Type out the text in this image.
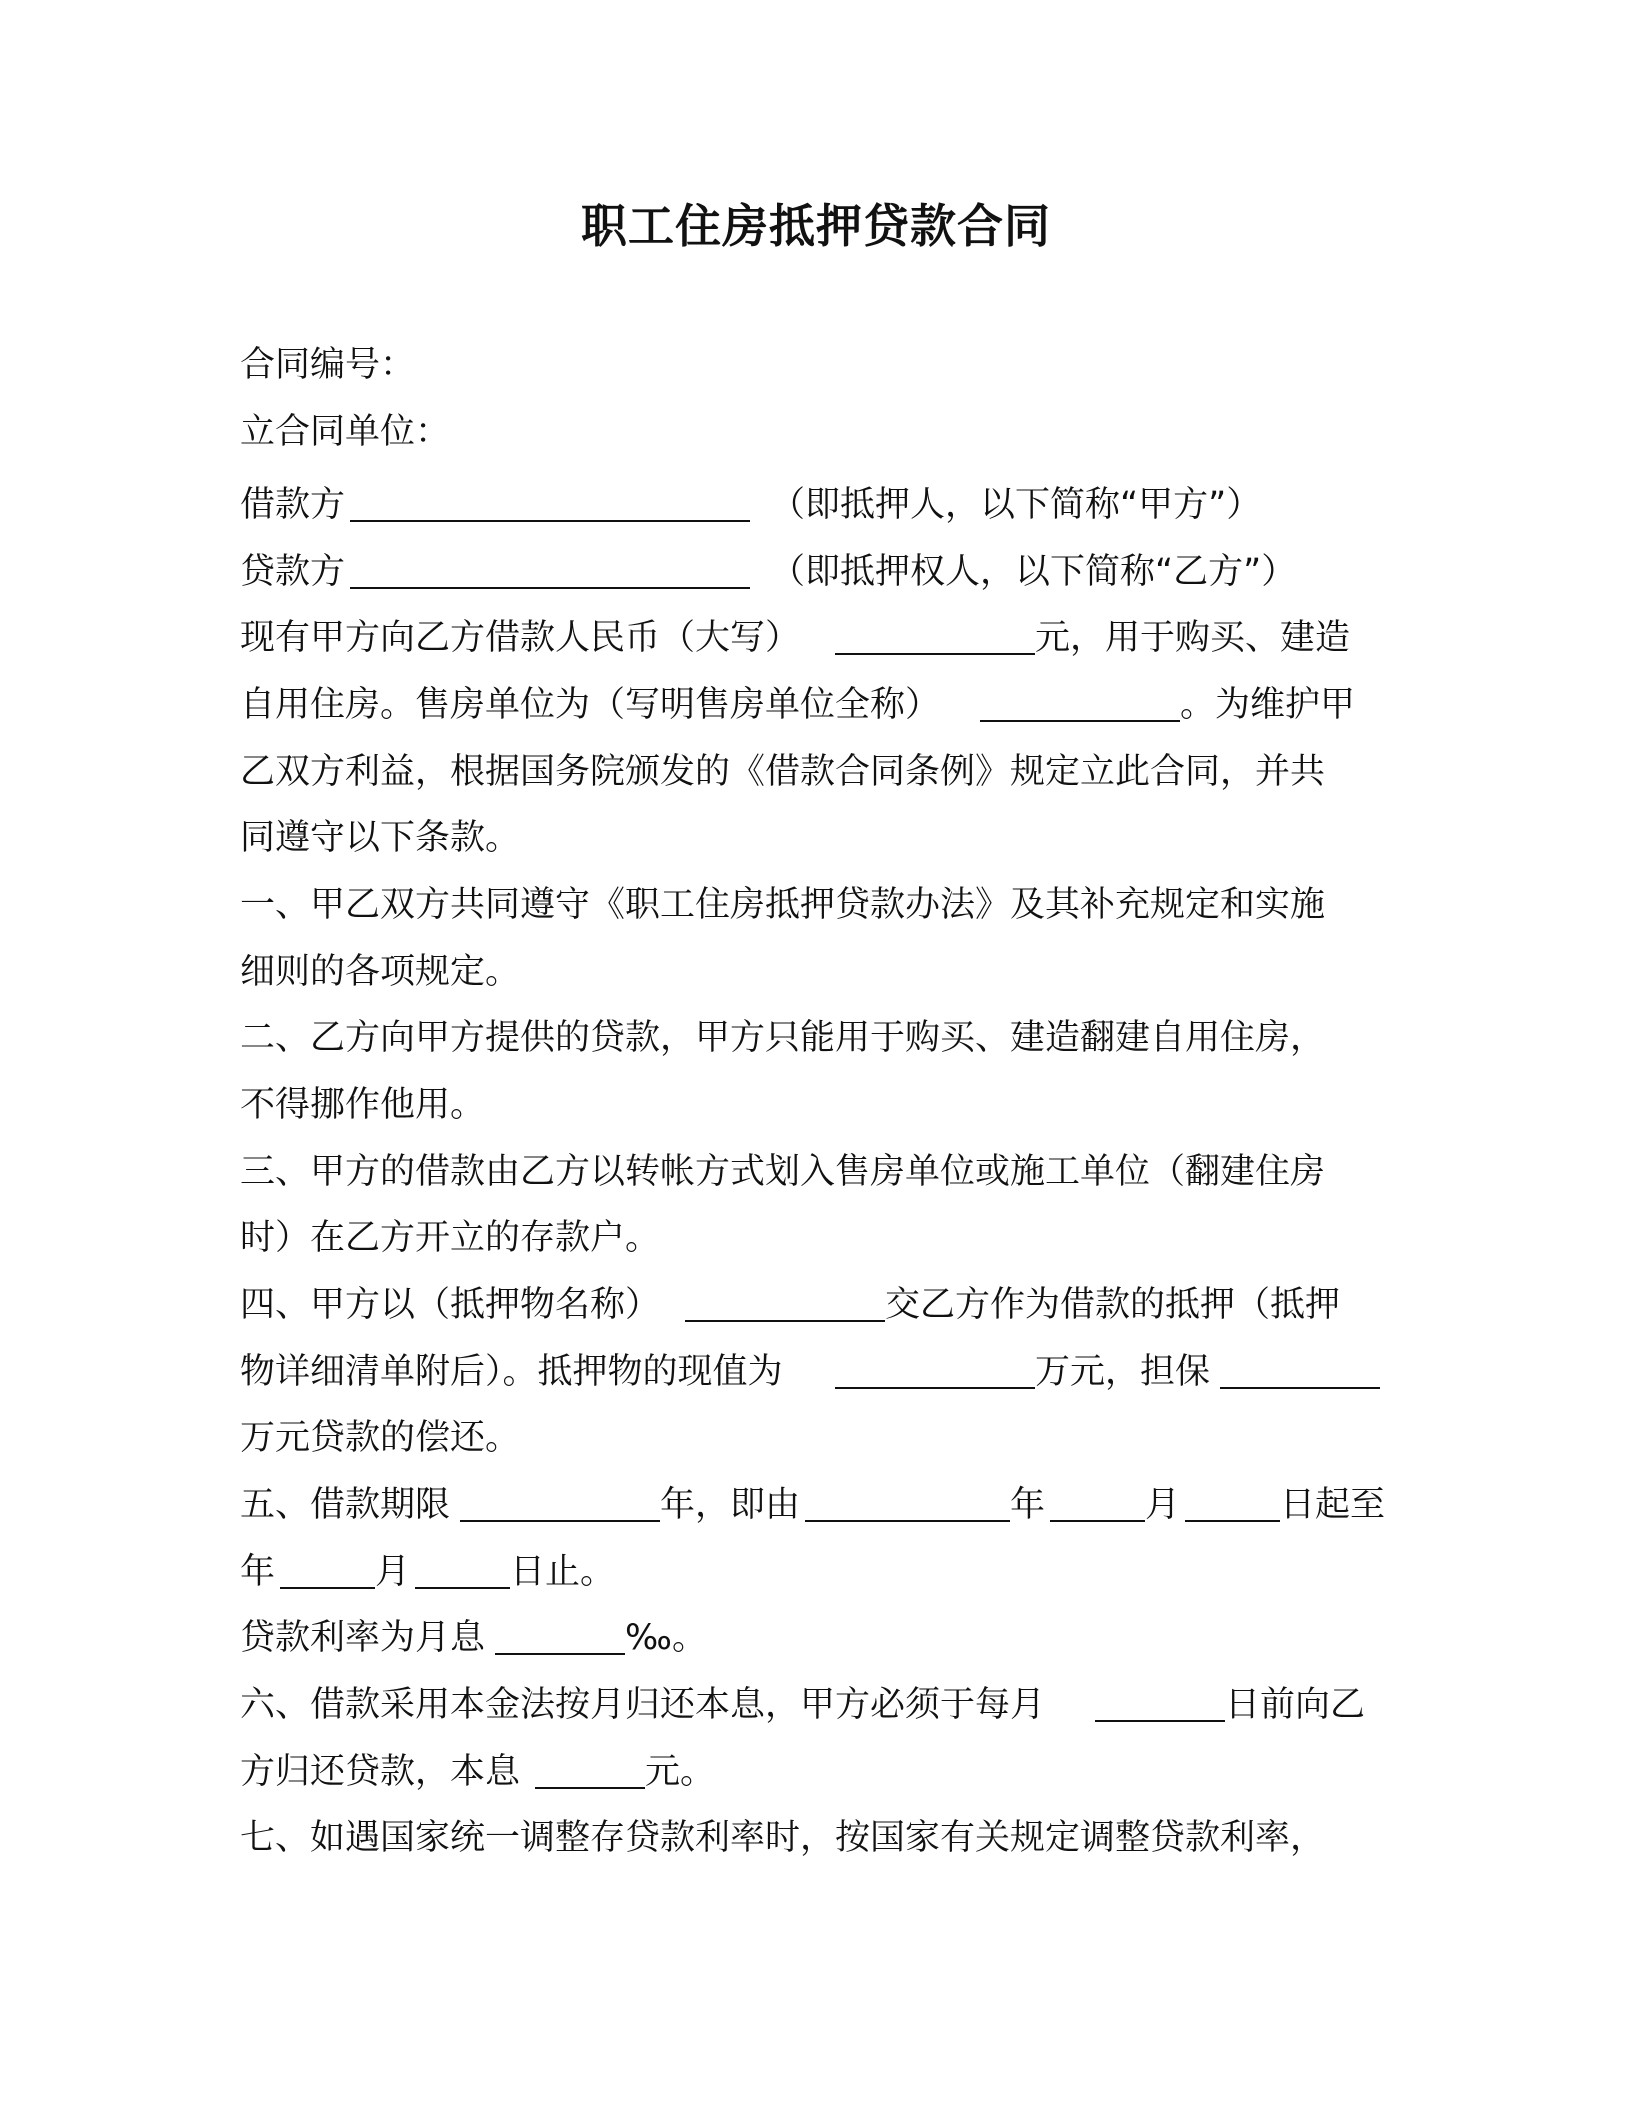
职工住房抵押贷款合同
合同编号：
立合同单位：
借款方	（即抵押人，以下简称“甲方”）
贷款方	（即抵押权人，以下简称“乙方”）
现有甲方向乙方借款人民币（大写）	元，用于购买、建造
自用住房。售房单位为（写明售房单位全称）	。为维护甲
乙双方利益，根据国务院颁发的《借款合同条例》规定立此合同，并共
同遵守以下条款。
一、甲乙双方共同遵守《职工住房抵押贷款办法》及其补充规定和实施
细则的各项规定。
二、乙方向甲方提供的贷款，甲方只能用于购买、建造翻建自用住房，
不得挪作他用。
三、甲方的借款由乙方以转帐方式划入售房单位或施工单位（翻建住房
时）在乙方开立的存款户。
四、甲方以（抵押物名称）	交乙方作为借款的抵押（抵押
物详细清单附后）。抵押物的现值为	万元，担保
万元贷款的偿还。
五、借款期限	年，即由	年	月	日起至
年	月	日止。
贷款利率为月息	‰。
六、借款采用本金法按月归还本息，甲方必须于每月	日前向乙
方归还贷款，本息	元。
七、如遇国家统一调整存贷款利率时，按国家有关规定调整贷款利率，
